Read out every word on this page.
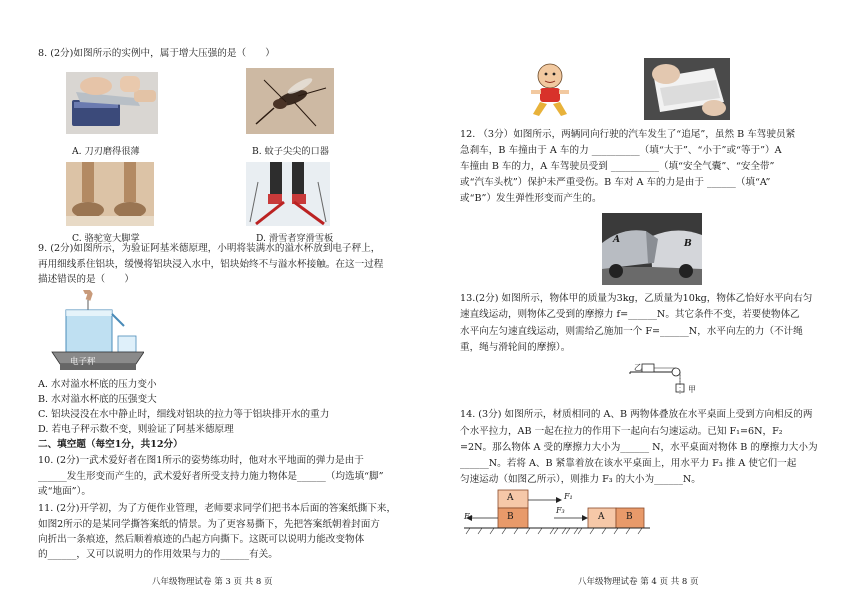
8. (2分)如图所示的实例中，属于增大压强的是（　　）
A. 刀刃磨得很薄	B. 蚊子尖尖的口器
C. 骆驼宽大脚掌	D. 滑雪者穿滑雪板
9. (2分)如图所示，为验证阿基米德原理，小明将装满水的溢水杯放到电子秤上，
再用细线系住铝块，缓慢将铝块浸入水中，铝块始终不与溢水杯接触。在这一过程
描述错误的是（　　）
电子秤
A. 水对溢水杯底的压力变小
B. 水对溢水杯底的压强变大
C. 铝块浸没在水中静止时，细线对铝块的拉力等于铝块排开水的重力
D. 若电子秤示数不变，则验证了阿基米德原理
二、填空题（每空1分，共12分）
10. (2分)一武术爱好者在图1所示的姿势练功时，他对水平地面的弹力是由于
______发生形变而产生的，武术爱好者所受支持力施力物体是______（均选填“脚”
或“地面”）。
11. (2分)开学初，为了方便作业管理，老师要求同学们把书本后面的答案纸撕下来，
如图2所示的是某同学撕答案纸的情景。为了更容易撕下，先把答案纸朝着封面方
向折出一条痕迹，然后顺着痕迹的凸起方向撕下。这既可以说明力能改变物体
的______，又可以说明力的作用效果与力的______有关。
八年级物理试卷 第 3 页 共 8 页
12. （3分）如图所示，两辆同向行驶的汽车发生了“追尾”，虽然 B 车驾驶员紧
急刹车，B 车撞由于 A 车的力 __________（填“大于”、“小于”或“等于”）A
车撞由 B 车的力，A 车驾驶员受到 __________（填“安全气囊”、“安全带”
或“汽车头枕”）保护未严重受伤。B 车对 A 车的力是由于 ______（填“A”
或“B”）发生弹性形变而产生的。
A	B
13.(2分) 如图所示，物体甲的质量为3kg，乙质量为10kg，物体乙恰好水平向右匀
速直线运动，则物体乙受到的摩擦力 f=______N。其它条件不变，若要使物体乙
水平向左匀速直线运动，则需给乙施加一个 F=______N，水平向左的力（不计绳
重，绳与滑轮间的摩擦）。
乙
甲
14. (3分) 如图所示，材质相同的 A、B 两物体叠放在水平桌面上受到方向相反的两
个水平拉力，AB 一起在拉力的作用下一起向右匀速运动。已知 F₁=6N，F₂
=2N。那么物体 A 受的摩擦力大小为______ N，水平桌面对物体 B 的摩擦力大小为
______N。若将 A、B 紧靠着放在该水平桌面上，用水平力 F₃ 推 A 使它们一起
匀速运动（如图乙所示），则推力 F₃ 的大小为______N。
A
B
F₁
F₂
F₃
A B
八年级物理试卷 第 4 页 共 8 页
